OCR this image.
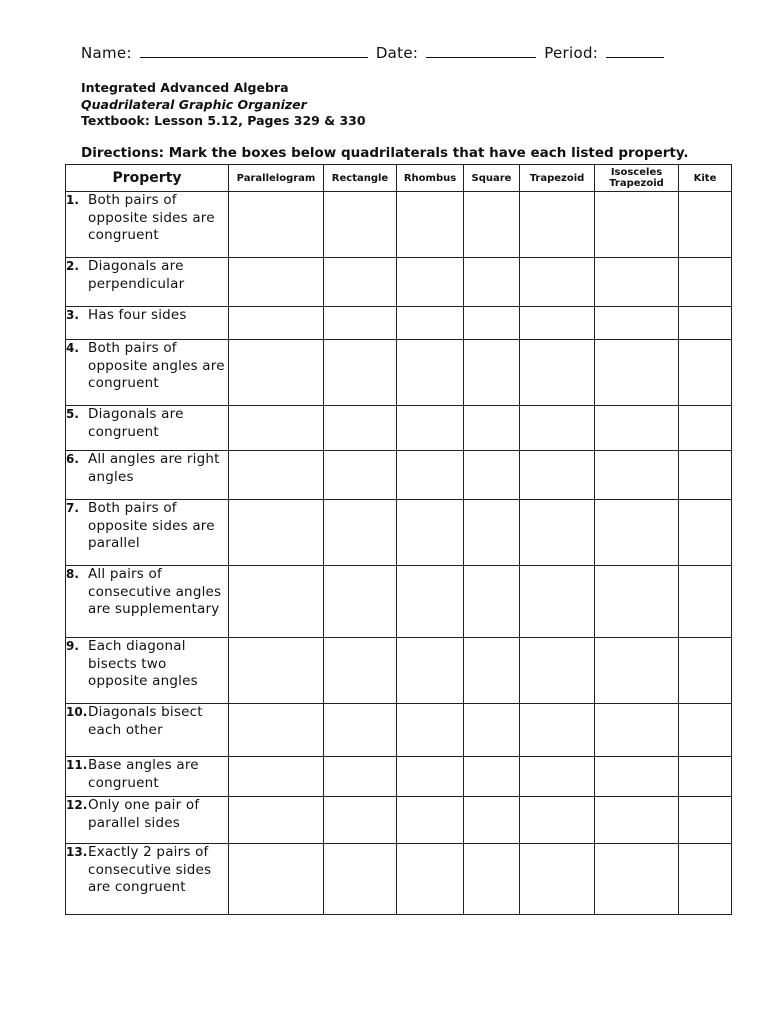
Name:	Date:	Period:
Integrated Advanced Algebra
Quadrilateral Graphic Organizer
Textbook: Lesson 5.12, Pages 329 & 330
Directions: Mark the boxes below quadrilaterals that have each listed property.
Property	Parallelogram	Rectangle	Rhombus	Square	Trapezoid	Isosceles Trapezoid	Kite

1. Both pairs of opposite sides are congruent							

2. Diagonals are perpendicular							

3. Has four sides							

4. Both pairs of opposite angles are congruent							

5. Diagonals are congruent							

6. All angles are right angles							

7. Both pairs of opposite sides are parallel							

8. All pairs of consecutive angles are supplementary							

9. Each diagonal bisects two opposite angles							

10. Diagonals bisect each other							

11. Base angles are congruent							

12. Only one pair of parallel sides							

13. Exactly 2 pairs of consecutive sides are congruent							
